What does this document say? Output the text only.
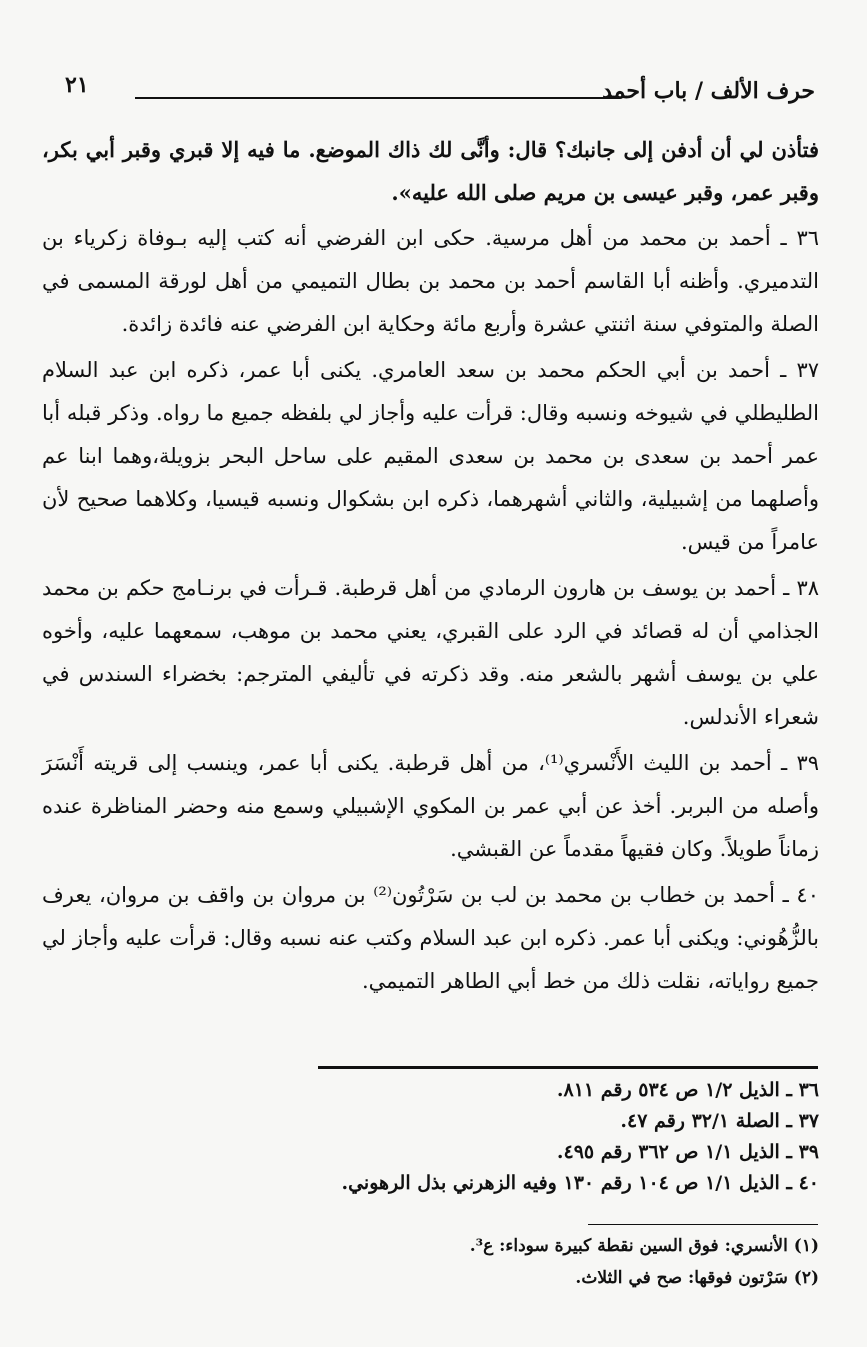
حرف الألف / باب أحمد
٢١

فتأذن لي أن أدفن إلى جانبك؟ قال: وأنَّى لك ذاك الموضع. ما فيه إلا قبري وقبر أبي بكر، وقبر عمر، وقبر عيسى بن مريم صلى الله عليه».

٣٦ ـ أحمد بن محمد من أهل مرسية. حكى ابن الفرضي أنه كتب إليه بـوفاة زكرياء بن التدميري. وأظنه أبا القاسم أحمد بن محمد بن بطال التميمي من أهل لورقة المسمى في الصلة والمتوفي سنة اثنتي عشرة وأربع مائة وحكاية ابن الفرضي عنه فائدة زائدة.

٣٧ ـ أحمد بن أبي الحكم محمد بن سعد العامري. يكنى أبا عمر، ذكره ابن عبد السلام الطليطلي في شيوخه ونسبه وقال: قرأت عليه وأجاز لي بلفظه جميع ما رواه. وذكر قبله أبا عمر أحمد بن سعدى بن محمد بن سعدى المقيم على ساحل البحر بزويلة،وهما ابنا عم وأصلهما من إشبيلية، والثاني أشهرهما، ذكره ابن بشكوال ونسبه قيسيا، وكلاهما صحيح لأن عامراً من قيس.

٣٨ ـ أحمد بن يوسف بن هارون الرمادي من أهل قرطبة. قـرأت في برنـامج حكم بن محمد الجذامي أن له قصائد في الرد على القبري، يعني محمد بن موهب، سمعهما عليه، وأخوه علي بن يوسف أشهر بالشعر منه. وقد ذكرته في تأليفي المترجم: بخضراء السندس في شعراء الأندلس.

٣٩ ـ أحمد بن الليث الأَنْسري⁽¹⁾، من أهل قرطبة. يكنى أبا عمر، وينسب إلى قريته أَنْسَرَ وأصله من البربر. أخذ عن أبي عمر بن المكوي الإشبيلي وسمع منه وحضر المناظرة عنده زماناً طويلاً. وكان فقيهاً مقدماً عن القبشي.

٤٠ ـ أحمد بن خطاب بن محمد بن لب بن سَرْتُون⁽²⁾ بن مروان بن واقف بن مروان، يعرف بالزُّهُوني: ويكنى أبا عمر. ذكره ابن عبد السلام وكتب عنه نسبه وقال: قرأت عليه وأجاز لي جميع رواياته، نقلت ذلك من خط أبي الطاهر التميمي.

٣٦ ـ الذيل ١/٢ ص ٥٣٤ رقم ٨١١.
٣٧ ـ الصلة ٣٢/١ رقم ٤٧.
٣٩ ـ الذيل ١/١ ص ٣٦٢ رقم ٤٩٥.
٤٠ ـ الذيل ١/١ ص ١٠٤ رقم ١٣٠ وفيه الزهرني بذل الرهوني.
(١) الأنسري: فوق السين نقطة كبيرة سوداء: ع³.
(٢) سَرْتون فوقها: صح في الثلاث.
